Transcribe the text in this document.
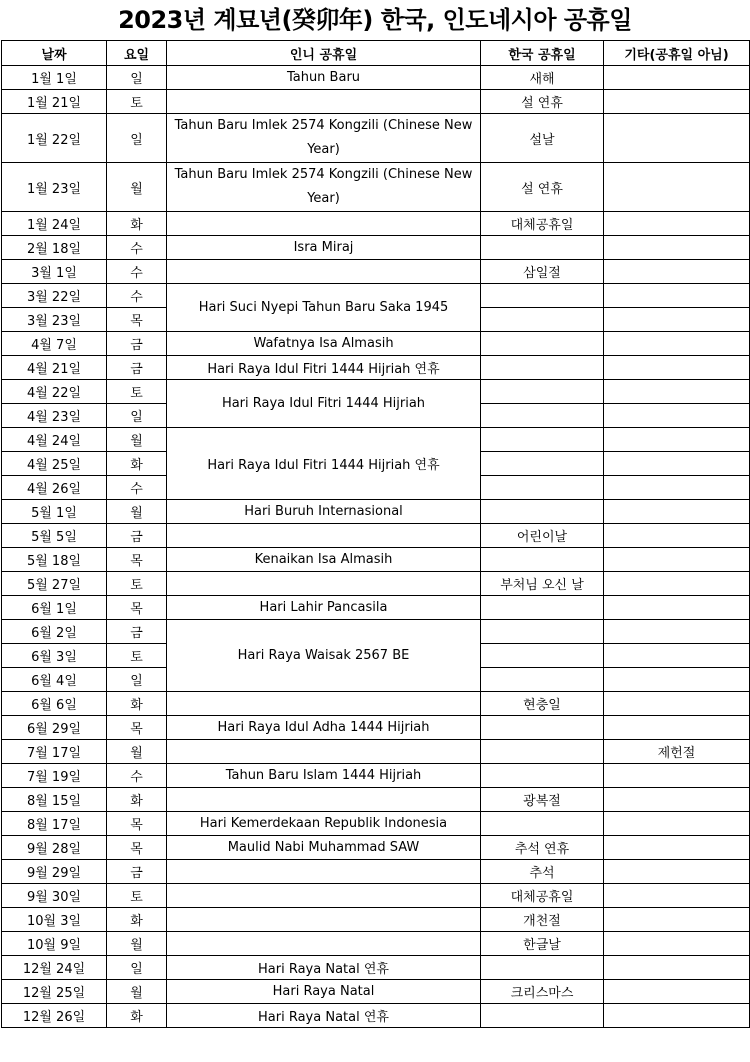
2023년 계묘년(癸卯年) 한국, 인도네시아 공휴일
날짜	요일	인니 공휴일	한국 공휴일	기타(공휴일 아님)
1월 1일	일	Tahun Baru	새해	
1월 21일	토		설 연휴	
1월 22일	일	Tahun Baru Imlek 2574 Kongzili (Chinese New Year)	설날	
1월 23일	월	Tahun Baru Imlek 2574 Kongzili (Chinese New Year)	설 연휴	
1월 24일	화		대체공휴일	
2월 18일	수	Isra Miraj		
3월 1일	수		삼일절	
3월 22일	수	Hari Suci Nyepi Tahun Baru Saka 1945		
3월 23일	목			
4월 7일	금	Wafatnya Isa Almasih		
4월 21일	금	Hari Raya Idul Fitri 1444 Hijriah 연휴		
4월 22일	토	Hari Raya Idul Fitri 1444 Hijriah		
4월 23일	일			
4월 24일	월	Hari Raya Idul Fitri 1444 Hijriah 연휴		
4월 25일	화			
4월 26일	수			
5월 1일	월	Hari Buruh Internasional		
5월 5일	금		어린이날	
5월 18일	목	Kenaikan Isa Almasih		
5월 27일	토		부처님 오신 날	
6월 1일	목	Hari Lahir Pancasila		
6월 2일	금	Hari Raya Waisak 2567 BE		
6월 3일	토			
6월 4일	일			
6월 6일	화		현충일	
6월 29일	목	Hari Raya Idul Adha 1444 Hijriah		
7월 17일	월			제헌절
7월 19일	수	Tahun Baru Islam 1444 Hijriah		
8월 15일	화		광복절	
8월 17일	목	Hari Kemerdekaan Republik Indonesia		
9월 28일	목	Maulid Nabi Muhammad SAW	추석 연휴	
9월 29일	금		추석	
9월 30일	토		대체공휴일	
10월 3일	화		개천절	
10월 9일	월		한글날	
12월 24일	일	Hari Raya Natal 연휴		
12월 25일	월	Hari Raya Natal	크리스마스	
12월 26일	화	Hari Raya Natal 연휴		
